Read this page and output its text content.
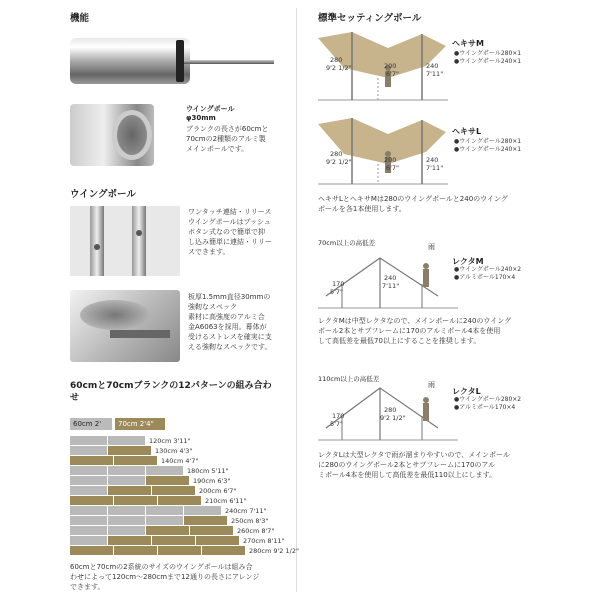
機能
ウイングポール
φ30mm
ブランクの長さが60cmと
70cmの2種類のアルミ製
メインポールです。
ウイングポール
ワンタッチ連結・リリース
ウイングポールはプッシュ
ボタン式なので簡単で抑
し込み簡単に連結・リリー
スできます。
板厚1.5mm直径30mmの
強靭なスペック
素材に高強度のアルミ合
金A6063を採用。幕体が
受けるストレスを確実に支
える強靭なスペックです。
60cmと70cmブランクの12パターンの組み合わ
せ
60cm 2'	70cm 2'4"
120cm 3'11"
130cm 4'3"
140cm 4'7"
180cm 5'11"
190cm 6'3"
200cm 6'7"
210cm 6'11"
240cm 7'11"
250cm 8'3"
260cm 8'7"
270cm 8'11"
280cm 9'2 1/2"
60cmと70cmの2系統のサイズのウイングポールは組み合
わせによって120cm～280cmまで12通りの長さにアレンジ
できます。
標準セッティングポール
280
9'2 1/2"	200
6'7"
240
7'11"
ヘキサM
●ウイングポール280×1
●ウイングポール240×1
280
9'2 1/2"	200
6'7"
240
7'11"
ヘキサL
●ウイングポール280×1
●ウイングポール240×1
ヘキサLとヘキサMは280のウイングポールと240のウイング
ポールを各1本使用します。
70cm以上の高低差	雨
170
5'7"
240
7'11"
レクタM
●ウイングポール240×2
●アルミポール170×4
レクタMは中型レクタなので、メインポールに240のウイング
ポール2本とサブフレームに170のアルミポール4本を使用
して高低差を最低70以上にすることを推奨します。
110cm以上の高低差
雨
170
5'7"
280
9'2 1/2"
レクタL
●ウイングポール280×2
●アルミポール170×4
レクタLは大型レクタで雨が溜まりやすいので、メインポール
に280のウイングポール2本とサブフレームに170のアル
ミポール4本を使用して高低差を最低110以上にします。
